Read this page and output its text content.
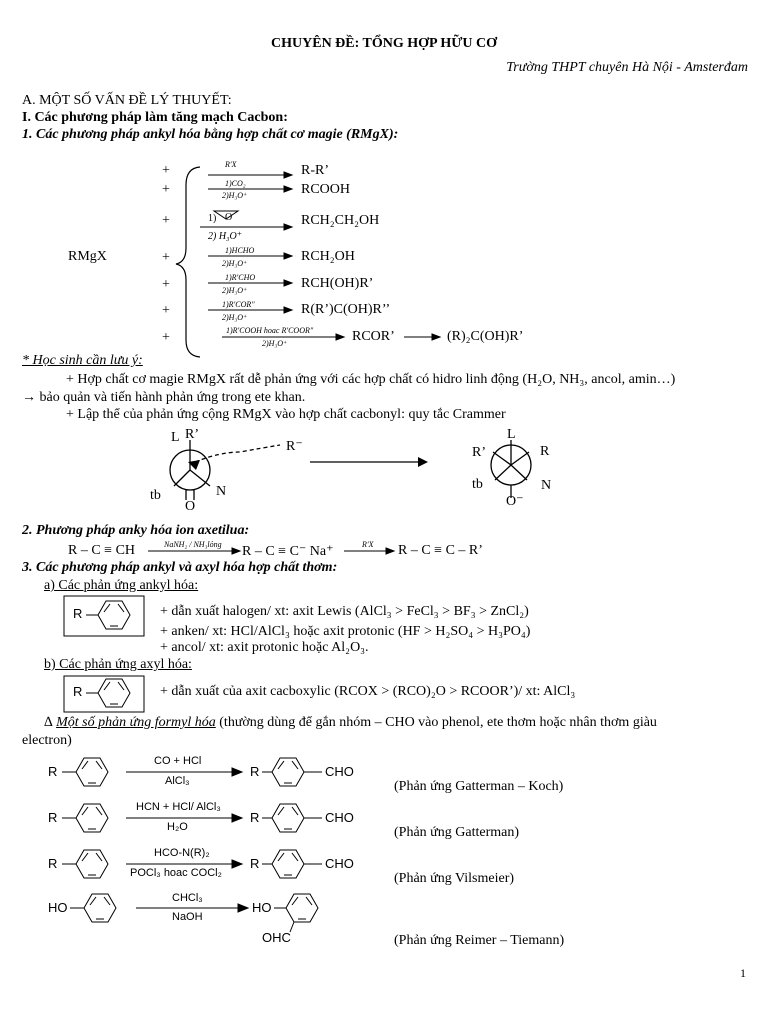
CHUYÊN ĐỀ: TỔNG HỢP HỮU CƠ
Trường THPT chuyên Hà Nội - Amsterđam
A. MỘT SỐ VẤN ĐỀ LÝ THUYẾT:
I. Các phương pháp làm tăng mạch Cacbon:
1. Các phương pháp ankyl hóa bằng hợp chất cơ magie (RMgX):
RMgX
+	R'X	R-R’
+	1)CO₂
2)H₃O⁺	RCOOH
+	1) O
2) H₃O⁺
RCH₂CH₂OH
+	1)HCHO
2)H₃O⁺	RCH₂OH
+	1)R'CHO
2)H₃O⁺	RCH(OH)R’
+	1)R'COR"
2)H₃O⁺
R(R’)C(OH)R’’
+	1)R'COOH hoac R'COOR"
2)H₃O⁺	RCOR’	(R)₂C(OH)R’
* Học sinh cần lưu ý:
+ Hợp chất cơ magie RMgX rất dễ phản ứng với các hợp chất có hidro linh động (H₂O, NH₃, ancol, amin…)
→ bảo quản và tiến hành phản ứng trong ete khan.
+ Lập thể của phản ứng cộng RMgX vào hợp chất cacbonyl: quy tắc Crammer
L R’
tb	N
O
R⁻
L
R’	R
tb	N
O⁻
2. Phương pháp anky hóa ion axetilua:
R – C ≡ CH	NaNH₂ / NH₃lỏng R – C ≡ C⁻ Na⁺	R'X R – C ≡ C – R’
3. Các phương pháp ankyl và axyl hóa hợp chất thơm:
a) Các phản ứng ankyl hóa:
+ dẫn xuất halogen/ xt: axit Lewis (AlCl₃ > FeCl₃ > BF₃ > ZnCl₂)
+ anken/ xt: HCl/AlCl₃ hoặc axit protonic (HF > H₂SO₄ > H₃PO₄)
+ ancol/ xt: axit protonic hoặc Al₂O₃.
b) Các phản ứng axyl hóa:
+ dẫn xuất của axit cacboxylic (RCOX > (RCO)₂O > RCOOR’)/ xt: AlCl₃
R
R
∆ Một số phản ứng formyl hóa (thường dùng để gắn nhóm – CHO vào phenol, ete thơm hoặc nhân thơm giàu
electron)
R
CO + HCl
AlCl₃
R	CHO
(Phản ứng Gatterman – Koch)
R
HCN + HCl/ AlCl₃
H₂O
R	CHO
(Phản ứng Gatterman)
R
HCO-N(R)₂
POCl₃ hoac COCl₂
R	CHO
(Phản ứng Vilsmeier)
HO
CHCl₃
NaOH
HO
OHC	(Phản ứng Reimer – Tiemann)
1
